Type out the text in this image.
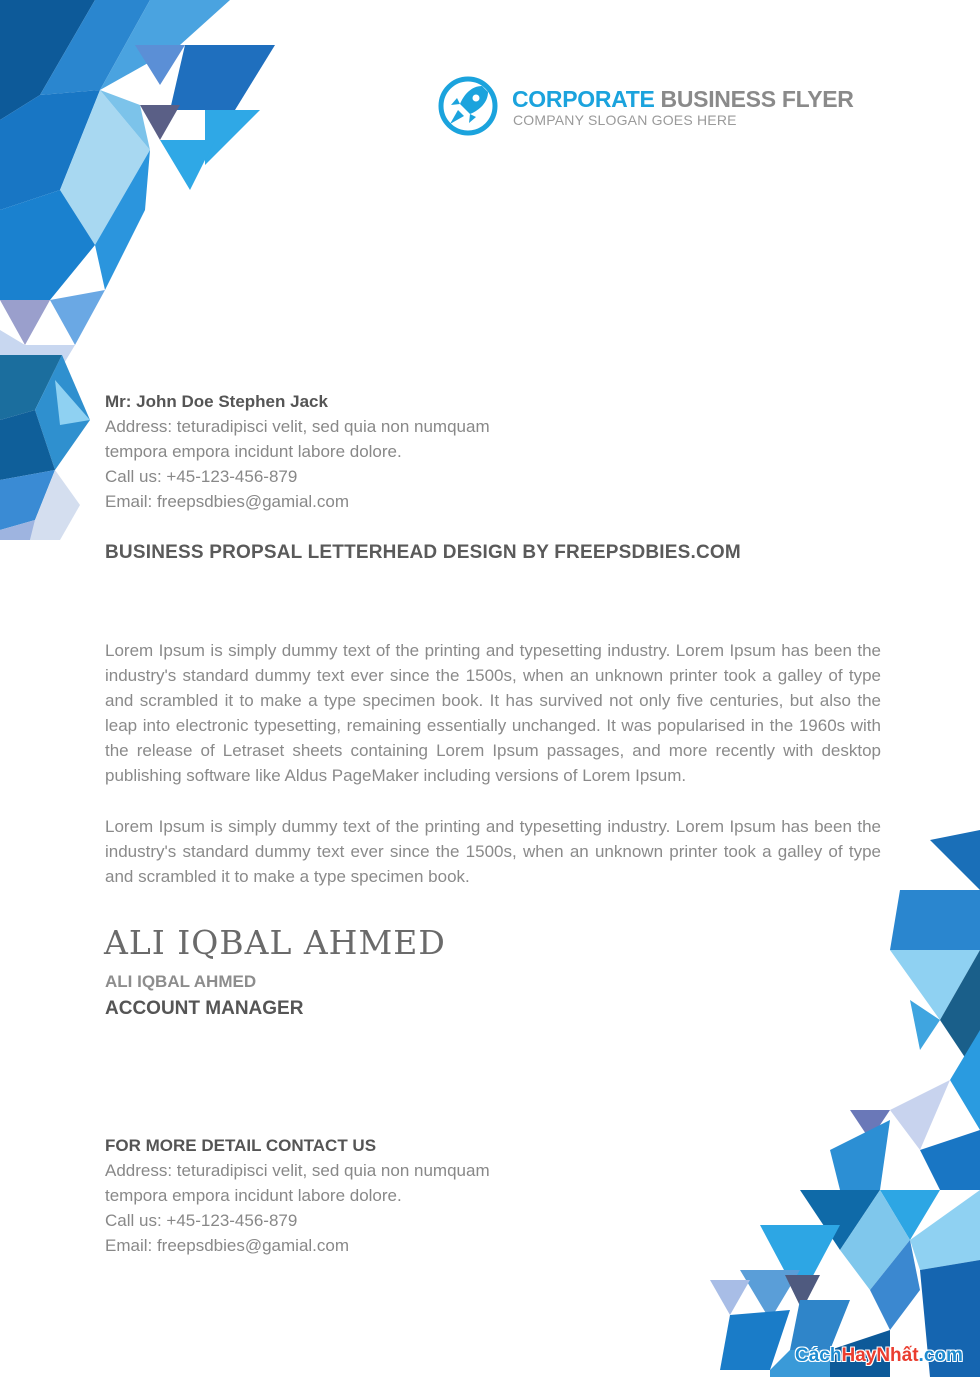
CORPORATE BUSINESS FLYER
COMPANY SLOGAN GOES HERE
Mr: John Doe Stephen Jack
Address: teturadipisci velit, sed quia non numquam
tempora empora incidunt labore dolore.
Call us: +45-123-456-879
Email: freepsdbies@gamial.com
BUSINESS PROPSAL LETTERHEAD DESIGN BY FREEPSDBIES.COM
Lorem Ipsum is simply dummy text of the printing and typesetting industry. Lorem Ipsum has been the industry's standard dummy text ever since the 1500s, when an unknown printer took a galley of type and scrambled it to make a type specimen book. It has survived not only five centuries, but also the leap into electronic typesetting, remaining essentially unchanged. It was popularised in the 1960s with the release of Letraset sheets containing Lorem Ipsum passages, and more recently with desktop publishing software like Aldus PageMaker including versions of Lorem Ipsum.
Lorem Ipsum is simply dummy text of the printing and typesetting industry. Lorem Ipsum has been the industry's standard dummy text ever since the 1500s, when an unknown printer took a galley of type and scrambled it to make a type specimen book.
ALI IQBAL AHMED
ALI IQBAL AHMED
ACCOUNT MANAGER
FOR MORE DETAIL CONTACT US
Address: teturadipisci velit, sed quia non numquam
tempora empora incidunt labore dolore.
Call us: +45-123-456-879
Email: freepsdbies@gamial.com
CáchHayNhất.com
